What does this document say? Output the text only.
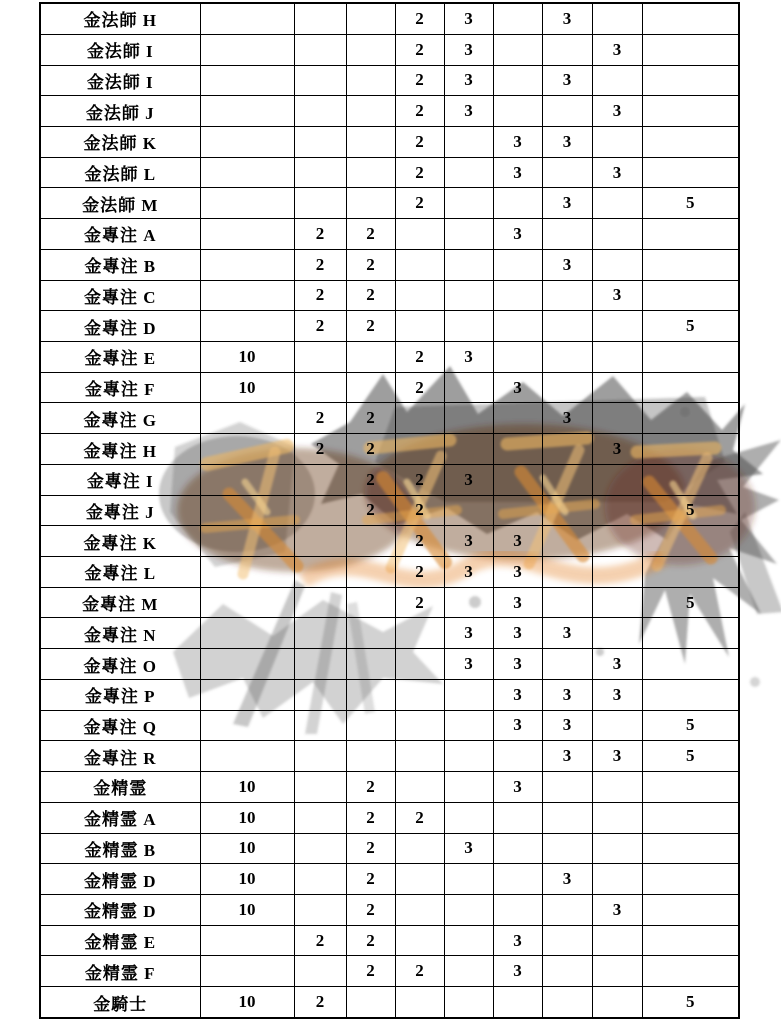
金法師 H				2	3		3		
金法師 I				2	3			3	
金法師 I				2	3		3		
金法師 J				2	3			3	
金法師 K				2		3	3		
金法師 L				2		3		3	
金法師 M				2			3		5
金專注 A		2	2			3			
金專注 B		2	2				3		
金專注 C		2	2					3	
金專注 D		2	2						5
金專注 E	10			2	3				
金專注 F	10			2		3			
金專注 G		2	2				3		
金專注 H		2	2					3	
金專注 I			2	2	3				
金專注 J			2	2					5
金專注 K				2	3	3			
金專注 L				2	3	3			
金專注 M				2		3			5
金專注 N					3	3	3		
金專注 O					3	3		3	
金專注 P						3	3	3	
金專注 Q						3	3		5
金專注 R							3	3	5
金精霊	10		2			3			
金精霊 A	10		2	2					
金精霊 B	10		2		3				
金精霊 D	10		2				3		
金精霊 D	10		2					3	
金精霊 E		2	2			3			
金精霊 F			2	2		3			
金騎士	10	2							5
